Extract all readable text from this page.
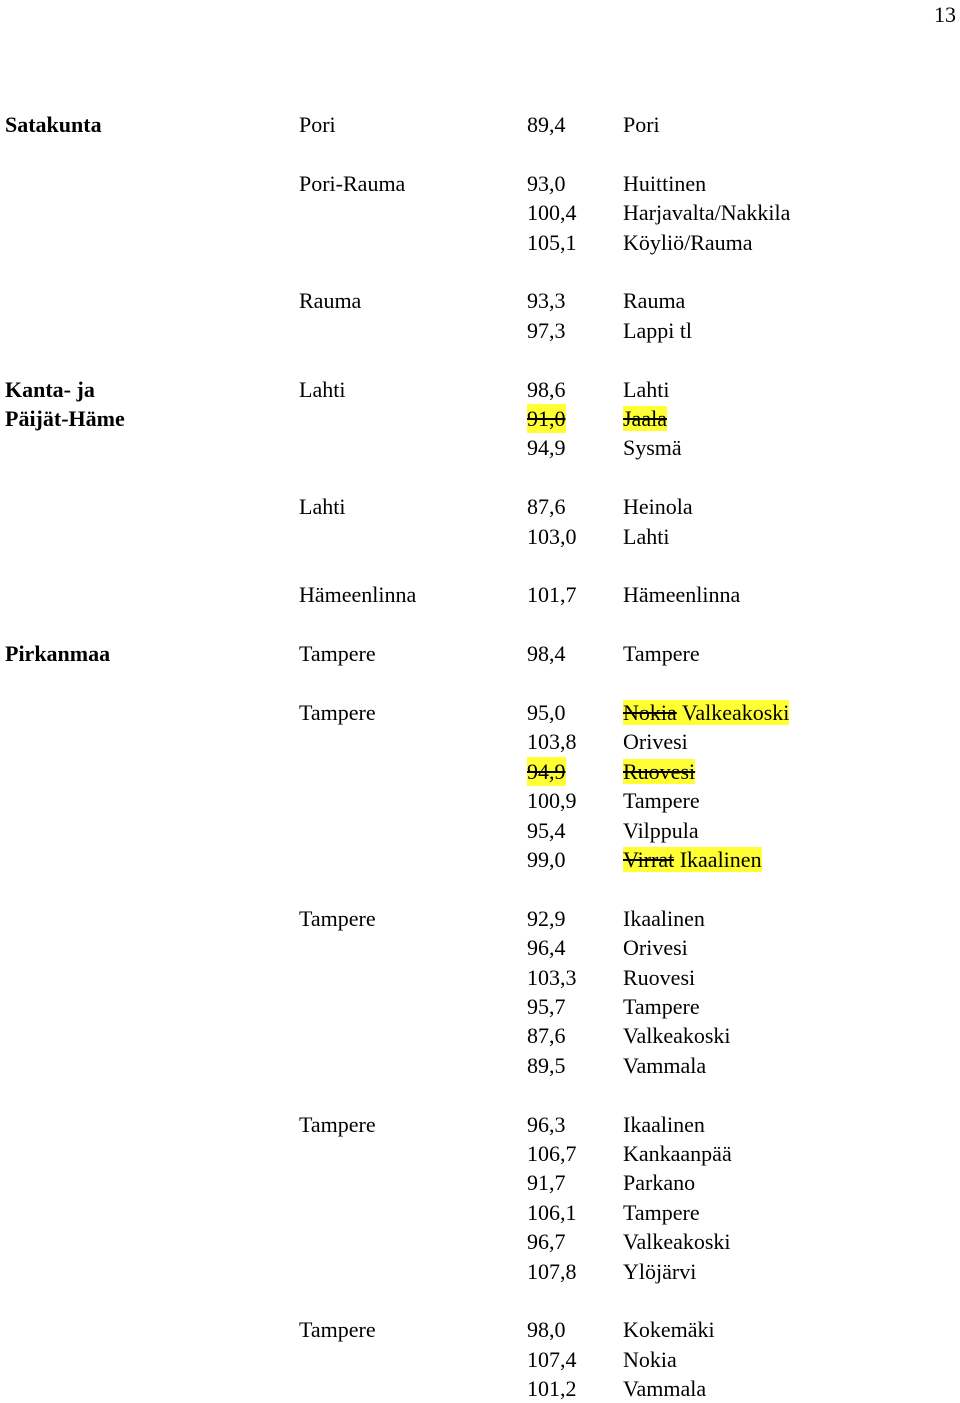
13
Satakunta	Pori	89,4	Pori
Pori-Rauma	93,0	Huittinen
100,4 Harjavalta/Nakkila
105,1 Köyliö/Rauma
Rauma	93,3	Rauma
97,3	Lappi tl
Kanta- ja	Lahti	98,6	Lahti
Päijät-Häme	91,0	Jaala
94,9	Sysmä
Lahti	87,6	Heinola
103,0 Lahti
Hämeenlinna	101,7 Hämeenlinna
Pirkanmaa	Tampere	98,4	Tampere
Tampere	95,0	Nokia Valkeakoski
103,8 Orivesi
94,9	Ruovesi
100,9 Tampere
95,4	Vilppula
99,0	Virrat Ikaalinen
Tampere	92,9	Ikaalinen
96,4	Orivesi
103,3 Ruovesi
95,7	Tampere
87,6	Valkeakoski
89,5	Vammala
Tampere	96,3	Ikaalinen
106,7 Kankaanpää
91,7	Parkano
106,1 Tampere
96,7	Valkeakoski
107,8 Ylöjärvi
Tampere	98,0	Kokemäki
107,4 Nokia
101,2 Vammala
